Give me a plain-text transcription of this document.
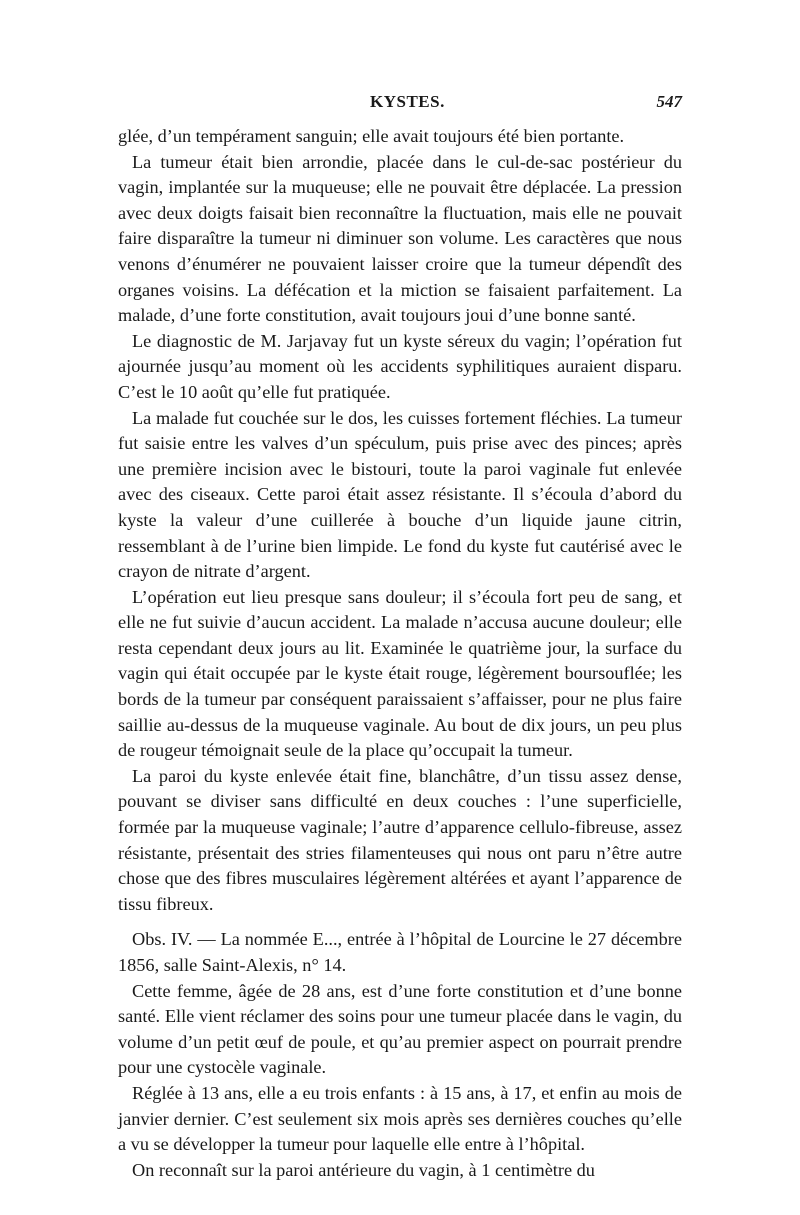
KYSTES.	547

glée, d’un tempérament sanguin; elle avait toujours été bien portante.

La tumeur était bien arrondie, placée dans le cul-de-sac postérieur du vagin, implantée sur la muqueuse; elle ne pouvait être déplacée. La pression avec deux doigts faisait bien reconnaître la fluctuation, mais elle ne pouvait faire disparaître la tumeur ni diminuer son volume. Les caractères que nous venons d’énumérer ne pouvaient laisser croire que la tumeur dépendît des organes voisins. La défécation et la miction se faisaient parfaitement. La malade, d’une forte constitution, avait toujours joui d’une bonne santé.

Le diagnostic de M. Jarjavay fut un kyste séreux du vagin; l’opération fut ajournée jusqu’au moment où les accidents syphilitiques auraient disparu. C’est le 10 août qu’elle fut pratiquée.

La malade fut couchée sur le dos, les cuisses fortement fléchies. La tumeur fut saisie entre les valves d’un spéculum, puis prise avec des pinces; après une première incision avec le bistouri, toute la paroi vaginale fut enlevée avec des ciseaux. Cette paroi était assez résistante. Il s’écoula d’abord du kyste la valeur d’une cuillerée à bouche d’un liquide jaune citrin, ressemblant à de l’urine bien limpide. Le fond du kyste fut cautérisé avec le crayon de nitrate d’argent.

L’opération eut lieu presque sans douleur; il s’écoula fort peu de sang, et elle ne fut suivie d’aucun accident. La malade n’accusa aucune douleur; elle resta cependant deux jours au lit. Examinée le quatrième jour, la surface du vagin qui était occupée par le kyste était rouge, légèrement boursouflée; les bords de la tumeur par conséquent paraissaient s’affaisser, pour ne plus faire saillie au-dessus de la muqueuse vaginale. Au bout de dix jours, un peu plus de rougeur témoignait seule de la place qu’occupait la tumeur.

La paroi du kyste enlevée était fine, blanchâtre, d’un tissu assez dense, pouvant se diviser sans difficulté en deux couches : l’une superficielle, formée par la muqueuse vaginale; l’autre d’apparence cellulo-fibreuse, assez résistante, présentait des stries filamenteuses qui nous ont paru n’être autre chose que des fibres musculaires légèrement altérées et ayant l’apparence de tissu fibreux.

Obs. IV. — La nommée E..., entrée à l’hôpital de Lourcine le 27 décembre 1856, salle Saint-Alexis, n° 14.

Cette femme, âgée de 28 ans, est d’une forte constitution et d’une bonne santé. Elle vient réclamer des soins pour une tumeur placée dans le vagin, du volume d’un petit œuf de poule, et qu’au premier aspect on pourrait prendre pour une cystocèle vaginale.

Réglée à 13 ans, elle a eu trois enfants : à 15 ans, à 17, et enfin au mois de janvier dernier. C’est seulement six mois après ses dernières couches qu’elle a vu se développer la tumeur pour laquelle elle entre à l’hôpital.

On reconnaît sur la paroi antérieure du vagin, à 1 centimètre du
